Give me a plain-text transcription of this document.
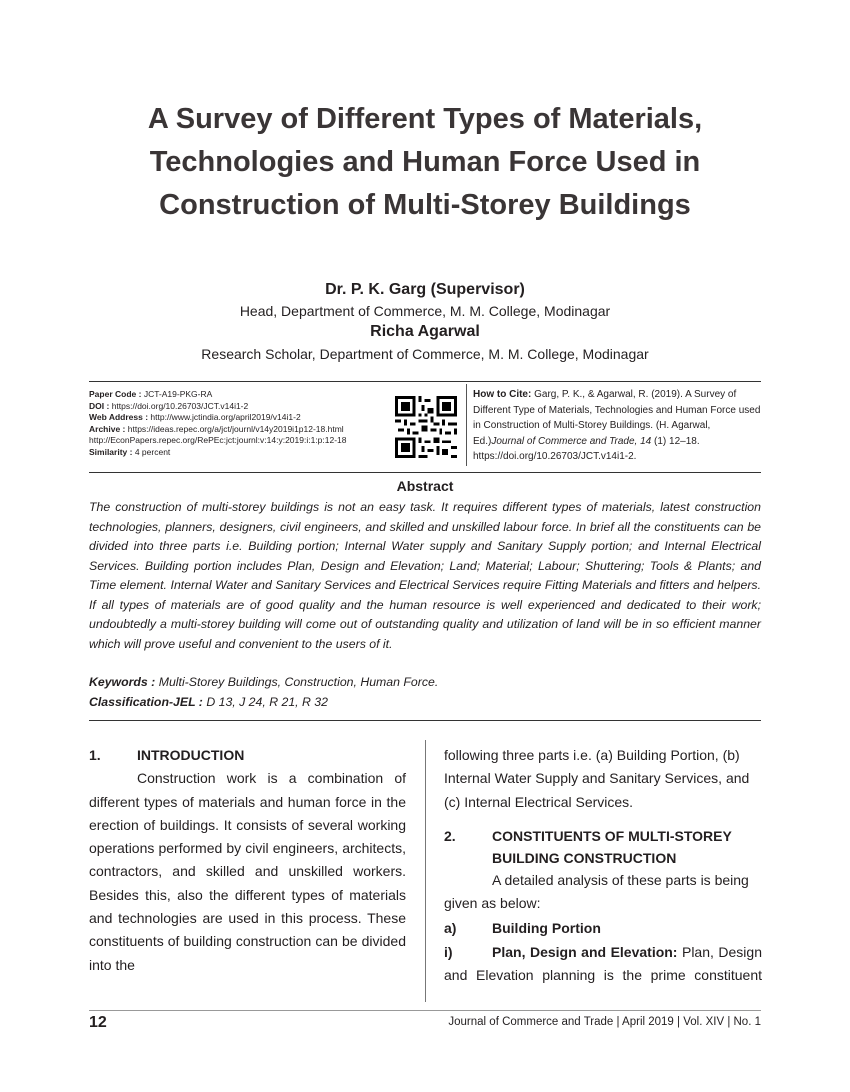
A Survey of Different Types of Materials,
Technologies and Human Force Used in
Construction of Multi-Storey Buildings
Dr. P. K. Garg (Supervisor)
Head, Department of Commerce, M. M. College, Modinagar
Richa Agarwal
Research Scholar, Department of Commerce, M. M. College, Modinagar
Paper Code : JCT-A19-PKG-RA
DOI : https://doi.org/10.26703/JCT.v14i1-2
Web Address : http://www.jctindia.org/april2019/v14i1-2
Archive : https://ideas.repec.org/a/jct/journl/v14y2019i1p12-18.html
http://EconPapers.repec.org/RePEc:jct:journl:v:14:y:2019:i:1:p:12-18
Similarity : 4 percent
How to Cite: Garg, P. K., & Agarwal, R. (2019). A Survey of Different Type of Materials, Technologies and Human Force used in Construction of Multi-Storey Buildings. (H. Agarwal, Ed.)Journal of Commerce and Trade, 14 (1) 12–18. https://doi.org/10.26703/JCT.v14i1-2.
Abstract
The construction of multi-storey buildings is not an easy task. It requires different types of materials, latest construction technologies, planners, designers, civil engineers, and skilled and unskilled labour force. In brief all the constituents can be divided into three parts i.e. Building portion; Internal Water supply and Sanitary Supply portion; and Internal Electrical Services. Building portion includes Plan, Design and Elevation; Land; Material; Labour; Shuttering; Tools & Plants; and Time element. Internal Water and Sanitary Services and Electrical Services require Fitting Materials and fitters and helpers. If all types of materials are of good quality and the human resource is well experienced and dedicated to their work; undoubtedly a multi-storey building will come out of outstanding quality and utilization of land will be in so efficient manner which will prove useful and convenient to the users of it.
Keywords : Multi-Storey Buildings, Construction, Human Force.
Classification-JEL : D 13, J 24, R 21, R 32
1.	INTRODUCTION
Construction work is a combination of different types of materials and human force in the erection of buildings. It consists of several working operations performed by civil engineers, architects, contractors, and skilled and unskilled workers. Besides this, also the different types of materials and technologies are used in this process. These constituents of building construction can be divided into the
following three parts i.e. (a) Building Portion, (b) Internal Water Supply and Sanitary Services, and (c) Internal Electrical Services.
2.	CONSTITUENTS OF MULTI-STOREY
BUILDING CONSTRUCTION
A detailed analysis of these parts is being given as below:
a)	Building Portion
i)	Plan, Design and Elevation: Plan, Design
and Elevation planning is the prime constituent
12	Journal of Commerce and Trade | April 2019 | Vol. XIV | No. 1
